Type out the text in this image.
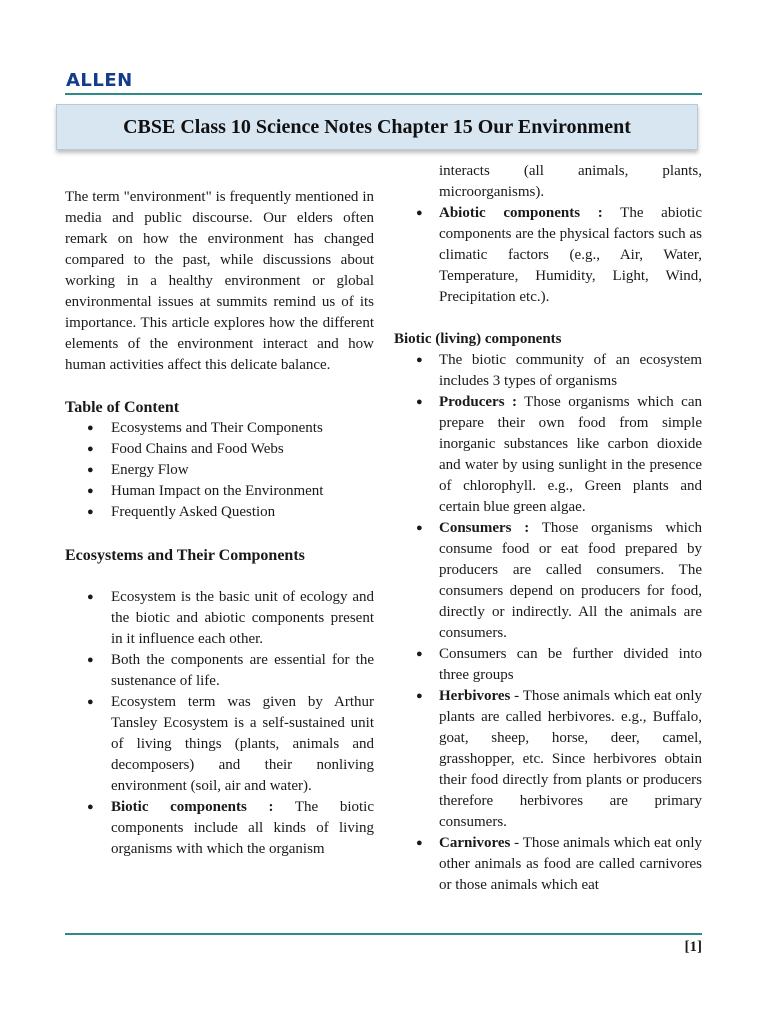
ALLEN
CBSE Class 10 Science Notes Chapter 15 Our Environment

The term "environment" is frequently mentioned in media and public discourse. Our elders often remark on how the environment has changed compared to the past, while discussions about working in a healthy environment or global environmental issues at summits remind us of its importance. This article explores how the different elements of the environment interact and how human activities affect this delicate balance.

Table of Content
● Ecosystems and Their Components
● Food Chains and Food Webs
● Energy Flow
● Human Impact on the Environment
● Frequently Asked Question
Ecosystems and Their Components
● Ecosystem is the basic unit of ecology and the biotic and abiotic components present in it influence each other.
● Both the components are essential for the sustenance of life.
● Ecosystem term was given by Arthur Tansley Ecosystem is a self-sustained unit of living things (plants, animals and decomposers) and their nonliving environment (soil, air and water).
● Biotic components : The biotic components include all kinds of living organisms with which the organism

interacts (all animals, plants, microorganisms).

● Abiotic components : The abiotic components are the physical factors such as climatic factors (e.g., Air, Water, Temperature, Humidity, Light, Wind, Precipitation etc.).
Biotic (living) components
● The biotic community of an ecosystem includes 3 types of organisms
● Producers : Those organisms which can prepare their own food from simple inorganic substances like carbon dioxide and water by using sunlight in the presence of chlorophyll. e.g., Green plants and certain blue green algae.
● Consumers : Those organisms which consume food or eat food prepared by producers are called consumers. The consumers depend on producers for food, directly or indirectly. All the animals are consumers.
● Consumers can be further divided into three groups
● Herbivores - Those animals which eat only plants are called herbivores. e.g., Buffalo, goat, sheep, horse, deer, camel, grasshopper, etc. Since herbivores obtain their food directly from plants or producers therefore herbivores are primary consumers.
● Carnivores - Those animals which eat only other animals as food are called carnivores or those animals which eat
[1]
